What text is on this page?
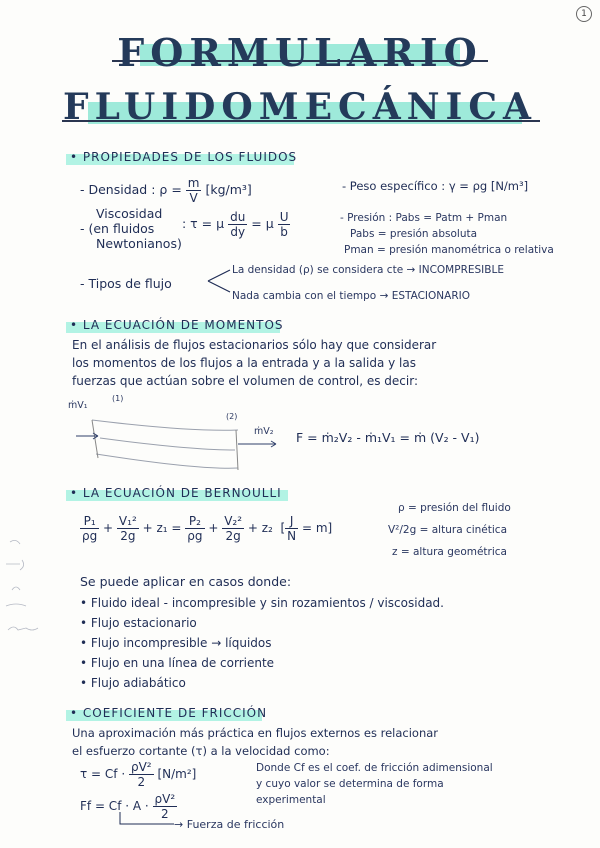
1
FORMULARIO
FLUIDOMECÁNICA
• PROPIEDADES DE LOS FLUIDOS
- Densidad : $\rho = \frac{m}{V} [kg/m^3]$	- Peso específico : γ = ρg [N/m³]
Viscosidad
- (en fluidos
Newtonianos)
: τ = μ $\frac{du}{dy} = \mu \frac{U}{b}$	- Presión : Pabs = Patm + Pman
Pabs = presión absoluta
Pman = presión manométrica o relativa
- Tipos de flujo
La densidad (ρ) se considera cte → INCOMPRESIBLE
Nada cambia con el tiempo → ESTACIONARIO
• LA ECUACIÓN DE MOMENTOS
En el análisis de flujos estacionarios sólo hay que considerar
los momentos de los flujos a la entrada y a la salida y las
fuerzas que actúan sobre el volumen de control, es decir:
ṁV₁
(1)
(2)
ṁV₂ F = ṁ₂V₂ - ṁ₁V₁ = ṁ (V₂ - V₁)
• LA ECUACIÓN DE BERNOULLI
$\frac{\text{P₁}}{\rho g} + \frac{\text{V₁²}}{2g} + z_1 = \frac{\text{P₂}}{\rho g} + \frac{\text{V₂²}}{2g} + z_2$  [ $\frac{J}{N} = m$]
ρ = presión del fluido
V²/2g = altura cinética
z = altura geométrica
Se puede aplicar en casos donde:
• Fluido ideal - incompresible y sin rozamientos / viscosidad.
• Flujo estacionario
• Flujo incompresible → líquidos
• Flujo en una línea de corriente
• Flujo adiabático
• COEFICIENTE DE FRICCIÓN
Una aproximación más práctica en flujos externos es relacionar
el esfuerzo cortante (τ) a la velocidad como:
$\tau = Cf \cdot \frac{\text{ρV²}}{2} [N/m^2]$	Donde Cf es el coef. de fricción adimensional
y cuyo valor se determina de forma
experimental
$Ff = Cf \cdot A \cdot \frac{\text{ρV²}}{2}$
→ Fuerza de fricción
